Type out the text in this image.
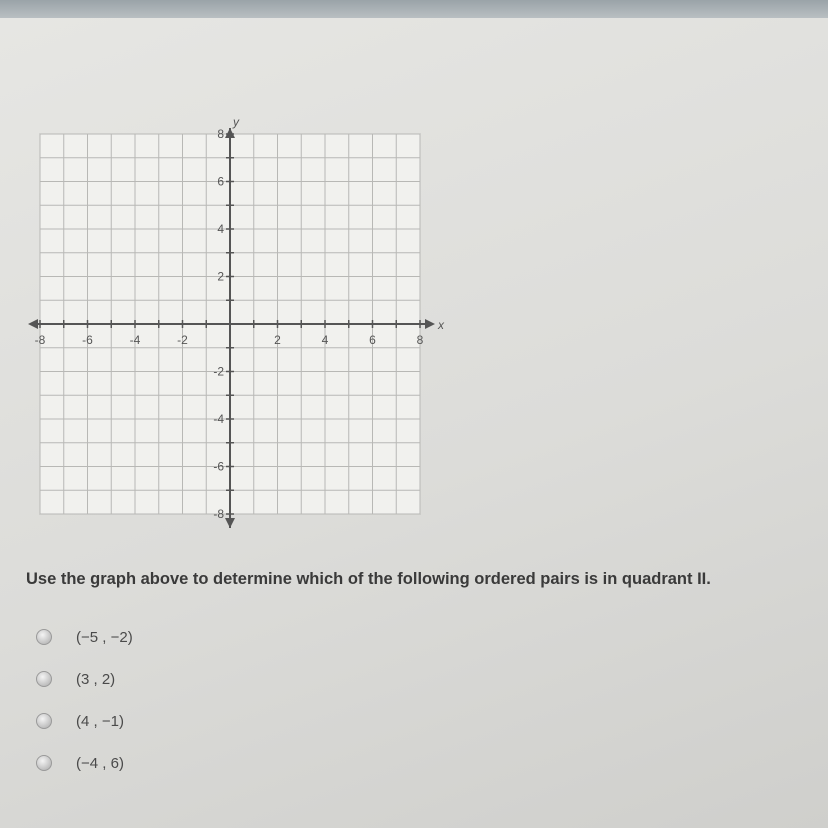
x
y
-8	-6	-4	-2	2	4	6	8
8
6
4
2
-2
-4
-6
-8
Use the graph above to determine which of the following ordered pairs is in quadrant II.
(−5 , −2)
(3 , 2)
(4 , −1)
(−4 , 6)
